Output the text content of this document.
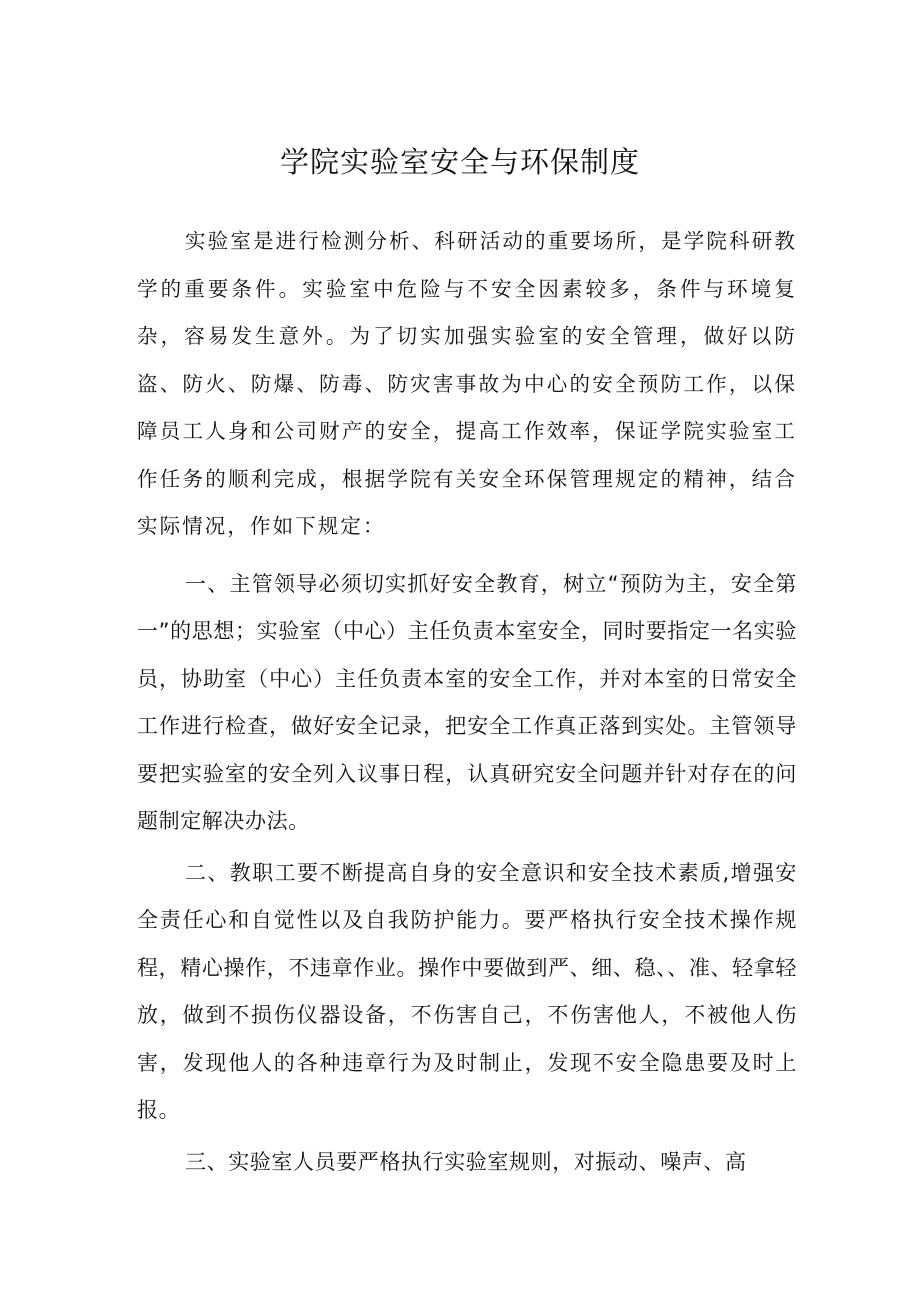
学院实验室安全与环保制度

实验室是进行检测分析、科研活动的重要场所，是学院科研教学的重要条件。实验室中危险与不安全因素较多，条件与环境复杂，容易发生意外。为了切实加强实验室的安全管理，做好以防盗、防火、防爆、防毒、防灾害事故为中心的安全预防工作，以保障员工人身和公司财产的安全，提高工作效率，保证学院实验室工作任务的顺利完成，根据学院有关安全环保管理规定的精神，结合实际情况，作如下规定：

一、主管领导必须切实抓好安全教育，树立“预防为主，安全第一”的思想；实验室（中心）主任负责本室安全，同时要指定一名实验员，协助室（中心）主任负责本室的安全工作，并对本室的日常安全工作进行检查，做好安全记录，把安全工作真正落到实处。主管领导要把实验室的安全列入议事日程，认真研究安全问题并针对存在的问题制定解决办法。

二、教职工要不断提高自身的安全意识和安全技术素质,增强安全责任心和自觉性以及自我防护能力。要严格执行安全技术操作规程，精心操作，不违章作业。操作中要做到严、细、稳、、准、轻拿轻放，做到不损伤仪器设备，不伤害自己，不伤害他人，不被他人伤害，发现他人的各种违章行为及时制止，发现不安全隐患要及时上报。

三、实验室人员要严格执行实验室规则，对振动、噪声、高
